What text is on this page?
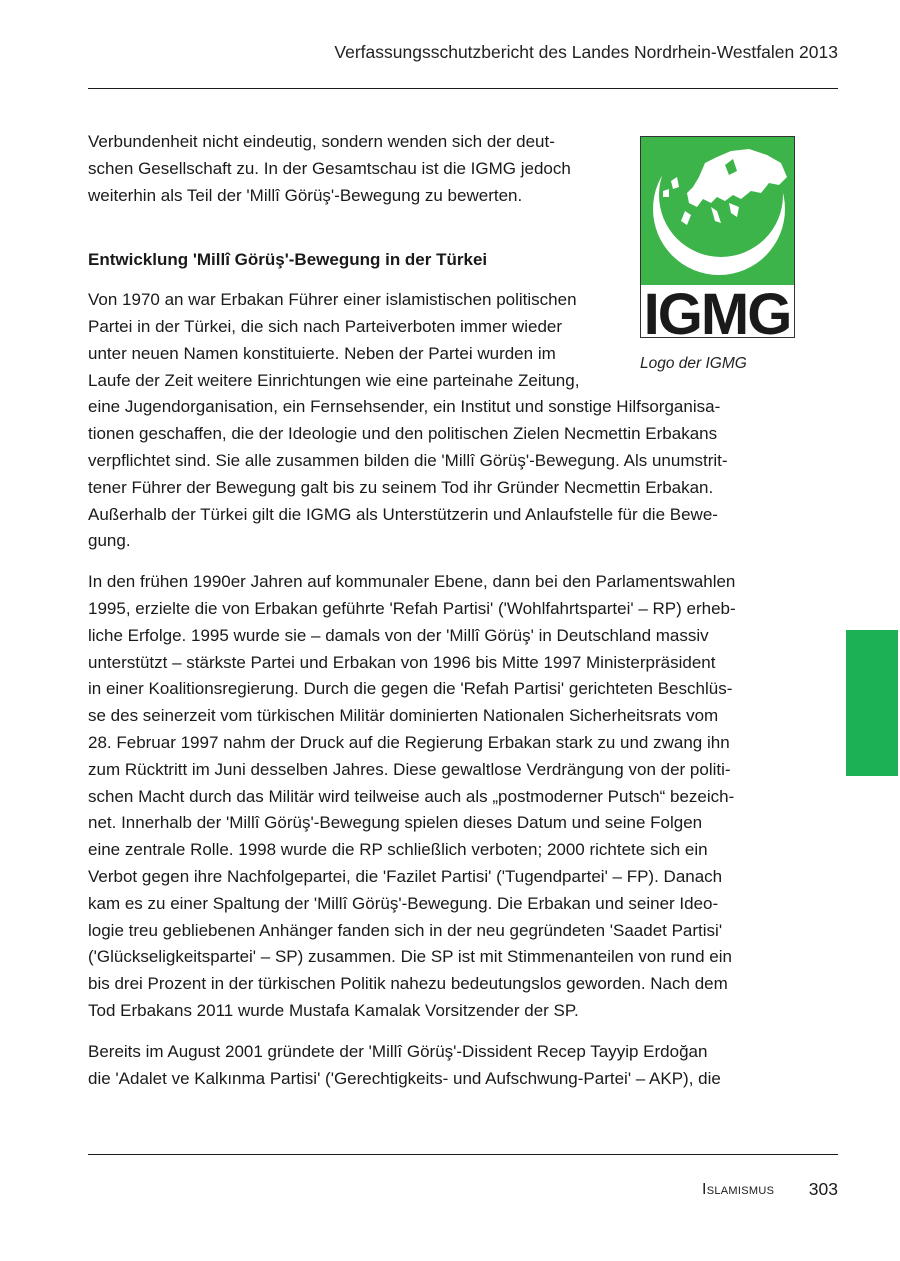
Verfassungsschutzbericht des Landes Nordrhein-Westfalen 2013
IGMG
Logo der IGMG

Verbundenheit nicht eindeutig, sondern wenden sich der deut-
schen Gesellschaft zu. In der Gesamtschau ist die IGMG jedoch
weiterhin als Teil der 'Millî Görüş'-Bewegung zu bewerten.

Entwicklung 'Millî Görüş'-Bewegung in der Türkei

Von 1970 an war Erbakan Führer einer islamistischen politischen
Partei in der Türkei, die sich nach Parteiverboten immer wieder
unter neuen Namen konstituierte. Neben der Partei wurden im
Laufe der Zeit weitere Einrichtungen wie eine parteinahe Zeitung,
eine Jugendorganisation, ein Fernsehsender, ein Institut und sonstige Hilfsorganisa-
tionen geschaffen, die der Ideologie und den politischen Zielen Necmettin Erbakans
verpflichtet sind. Sie alle zusammen bilden die 'Millî Görüş'-Bewegung. Als unumstrit-
tener Führer der Bewegung galt bis zu seinem Tod ihr Gründer Necmettin Erbakan.
Außerhalb der Türkei gilt die IGMG als Unterstützerin und Anlaufstelle für die Bewe-
gung.

In den frühen 1990er Jahren auf kommunaler Ebene, dann bei den Parlamentswahlen
1995, erzielte die von Erbakan geführte 'Refah Partisi' ('Wohlfahrtspartei' – RP) erheb-
liche Erfolge. 1995 wurde sie – damals von der 'Millî Görüş' in Deutschland massiv
unterstützt – stärkste Partei und Erbakan von 1996 bis Mitte 1997 Ministerpräsident
in einer Koalitionsregierung. Durch die gegen die 'Refah Partisi' gerichteten Beschlüs-
se des seinerzeit vom türkischen Militär dominierten Nationalen Sicherheitsrats vom
28. Februar 1997 nahm der Druck auf die Regierung Erbakan stark zu und zwang ihn
zum Rücktritt im Juni desselben Jahres. Diese gewaltlose Verdrängung von der politi-
schen Macht durch das Militär wird teilweise auch als „postmoderner Putsch“ bezeich-
net. Innerhalb der 'Millî Görüş'-Bewegung spielen dieses Datum und seine Folgen
eine zentrale Rolle. 1998 wurde die RP schließlich verboten; 2000 richtete sich ein
Verbot gegen ihre Nachfolgepartei, die 'Fazilet Partisi' ('Tugendpartei' – FP). Danach
kam es zu einer Spaltung der 'Millî Görüş'-Bewegung. Die Erbakan und seiner Ideo-
logie treu gebliebenen Anhänger fanden sich in der neu gegründeten 'Saadet Partisi'
('Glückseligkeitspartei' – SP) zusammen. Die SP ist mit Stimmenanteilen von rund ein
bis drei Prozent in der türkischen Politik nahezu bedeutungslos geworden. Nach dem
Tod Erbakans 2011 wurde Mustafa Kamalak Vorsitzender der SP.

Bereits im August 2001 gründete der 'Millî Görüş'-Dissident Recep Tayyip Erdoğan
die 'Adalet ve Kalkınma Partisi' ('Gerechtigkeits- und Aufschwung-Partei' – AKP), die

Islamismus 303
